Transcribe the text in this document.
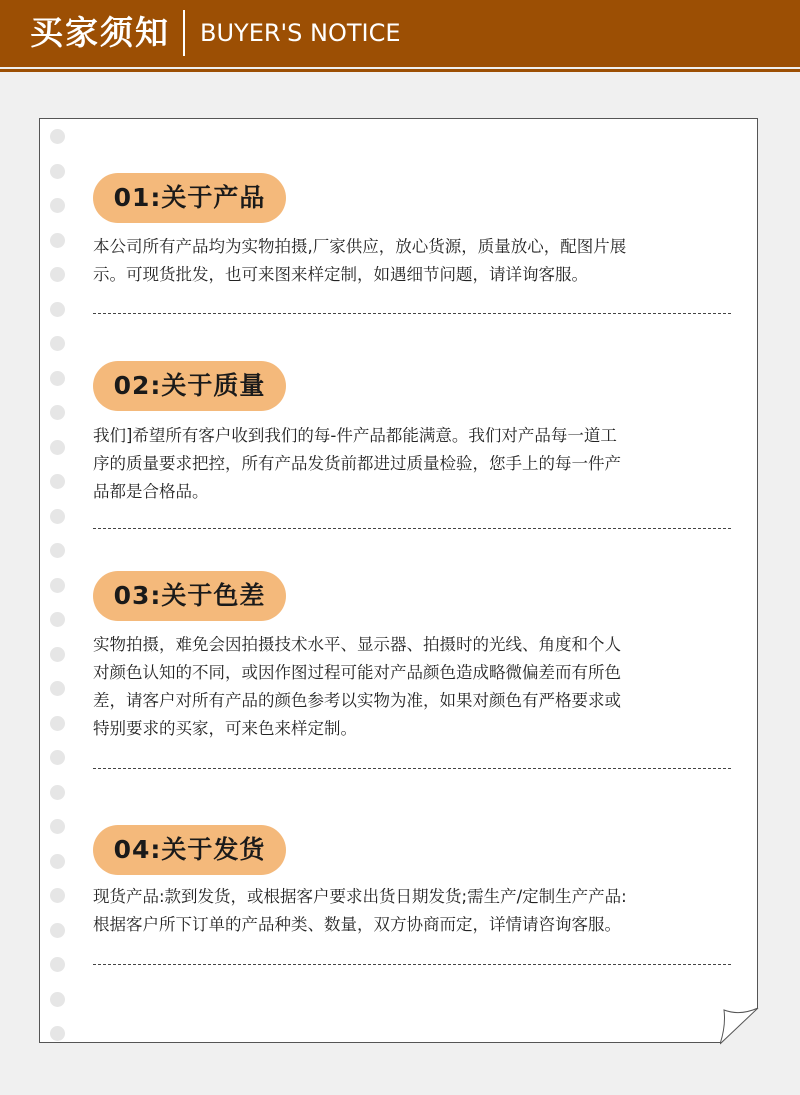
买家须知 BUYER'S NOTICE
01:关于产品
本公司所有产品均为实物拍摄,厂家供应，放心货源，质量放心，配图片展
示。可现货批发，也可来图来样定制，如遇细节问题，请详询客服。
02:关于质量
我们]希望所有客户收到我们的每-件产品都能满意。我们对产品每一道工
序的质量要求把控，所有产品发货前都进过质量检验，您手上的每一件产
品都是合格品。
03:关于色差
实物拍摄，难免会因拍摄技术水平、显示器、拍摄时的光线、角度和个人
对颜色认知的不同，或因作图过程可能对产品颜色造成略微偏差而有所色
差，请客户对所有产品的颜色参考以实物为准，如果对颜色有严格要求或
特别要求的买家，可来色来样定制。
04:关于发货
现货产品:款到发货，或根据客户要求出货日期发货;需生产/定制生产产品:
根据客户所下订单的产品种类、数量，双方协商而定，详情请咨询客服。
